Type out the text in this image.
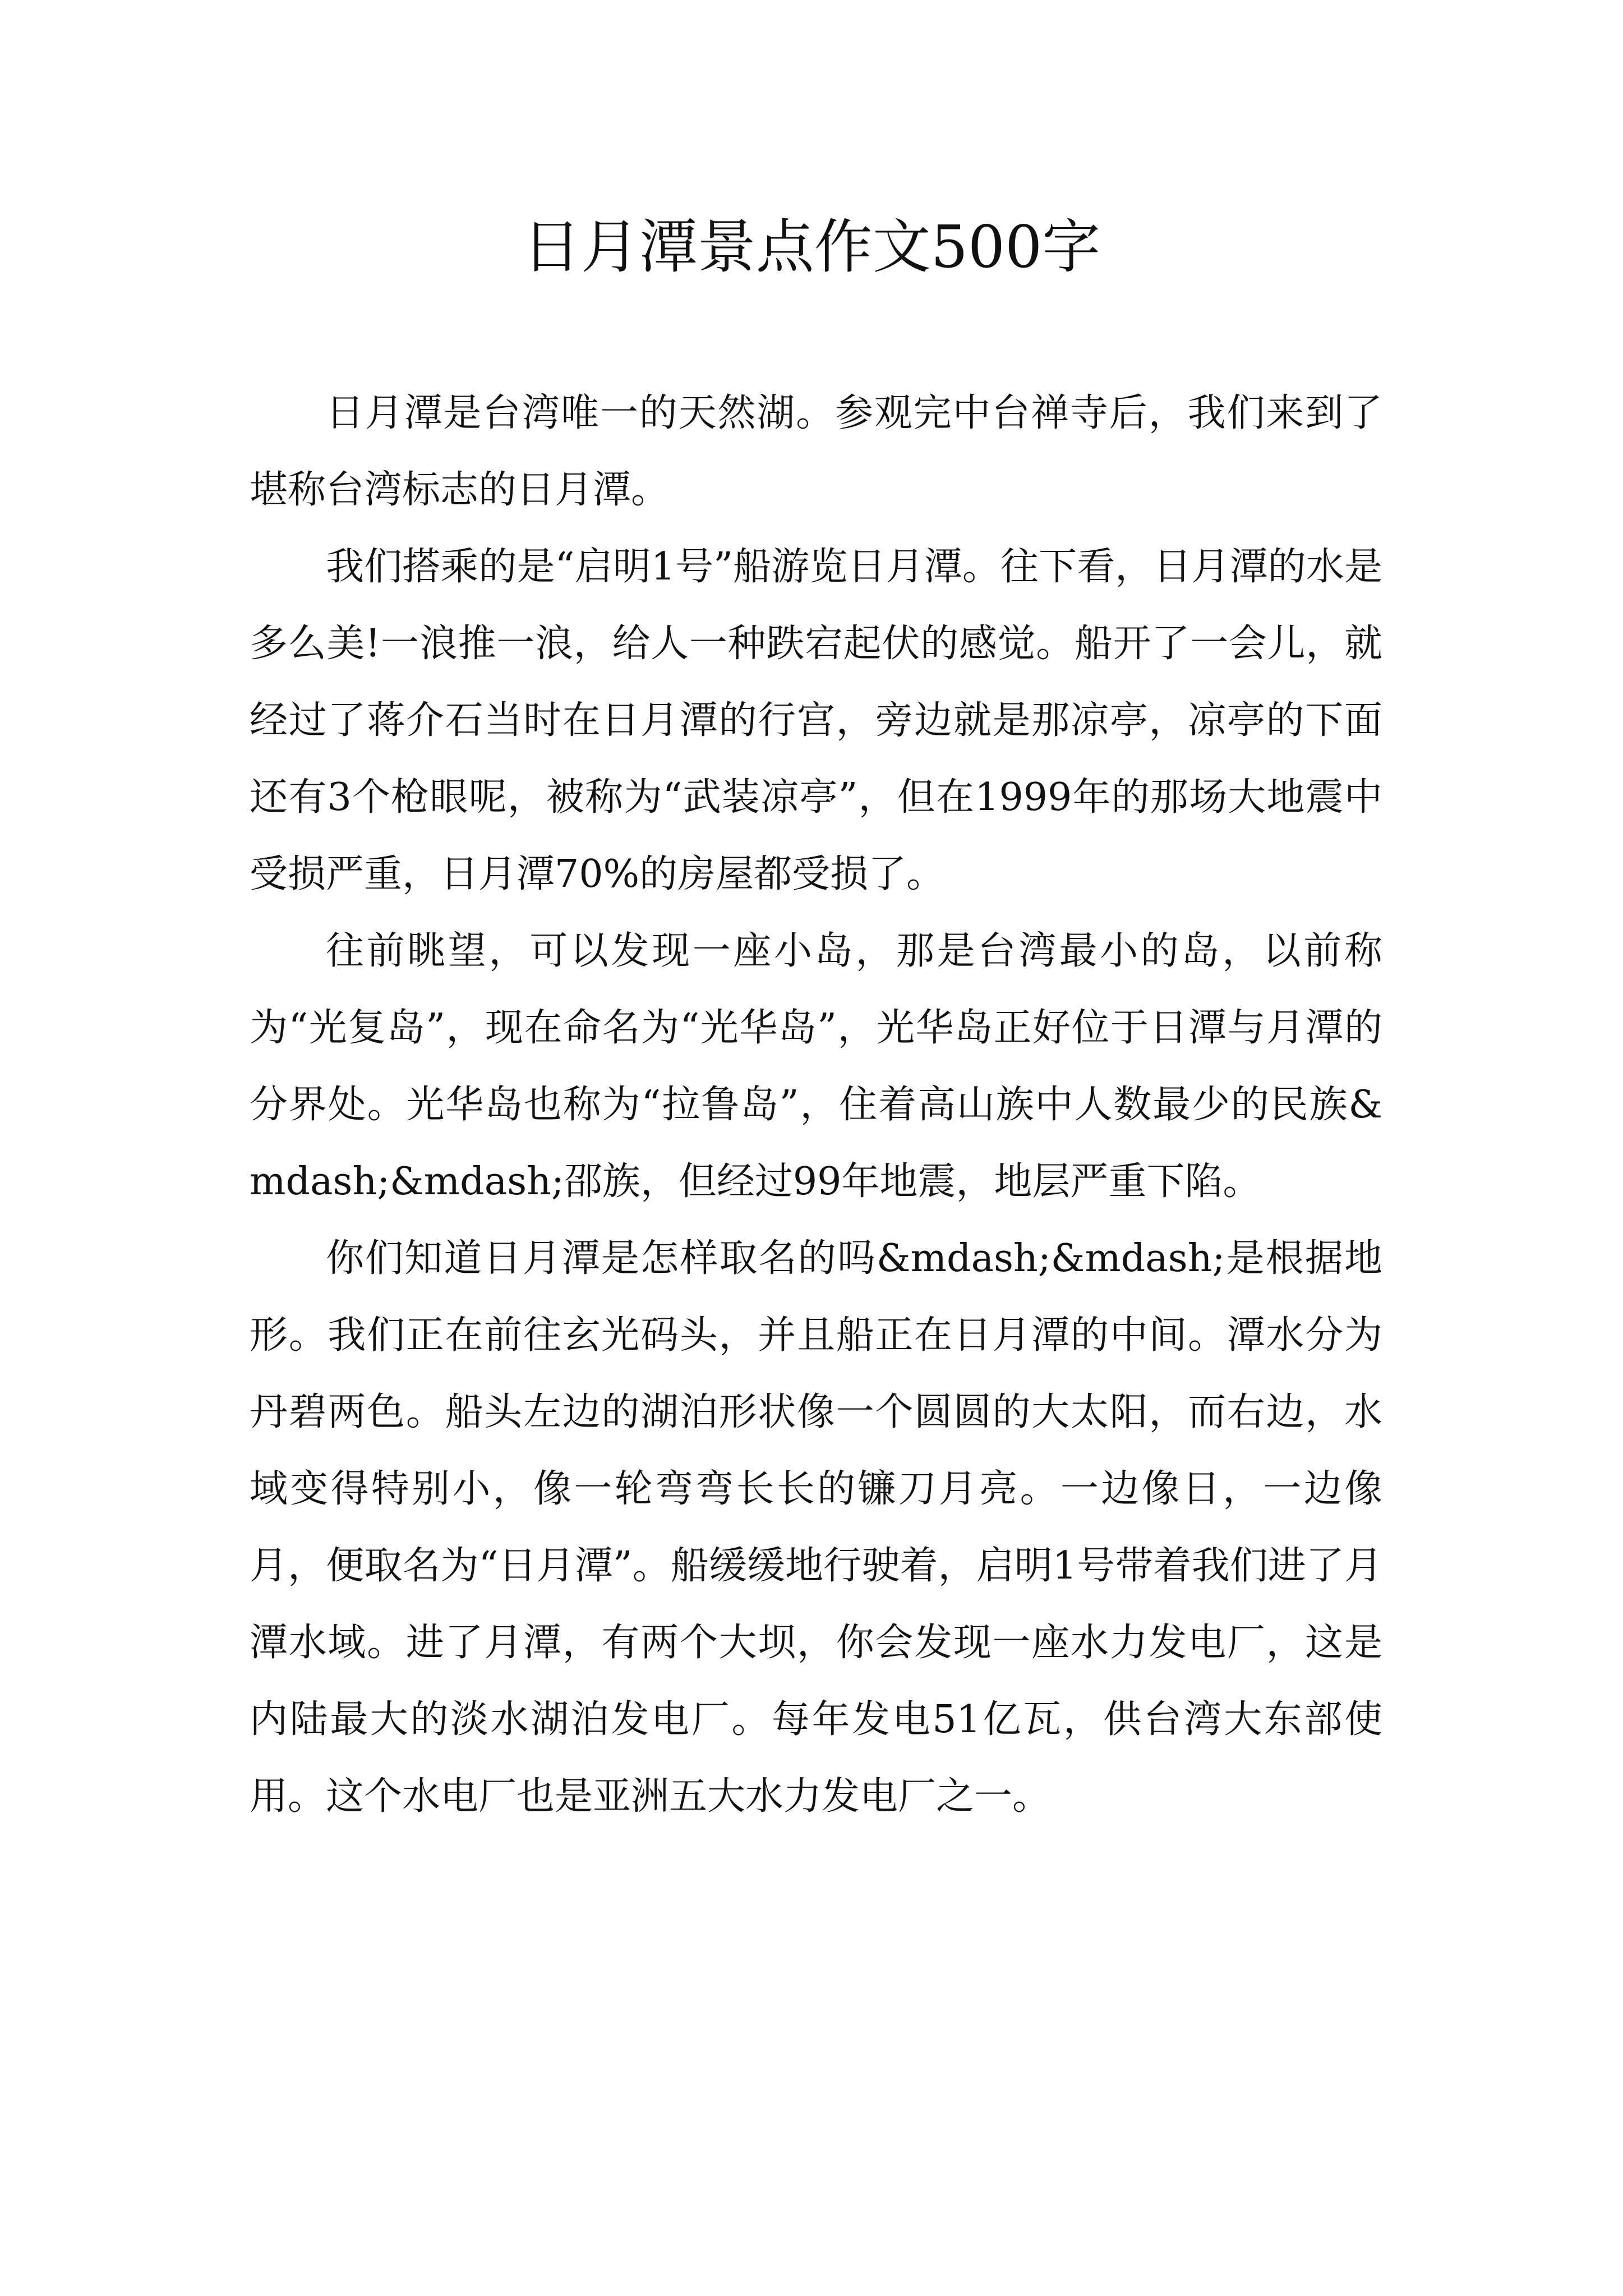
日月潭景点作文500字

日月潭是台湾唯一的天然湖。参观完中台禅寺后，我们来到了堪称台湾标志的日月潭。

我们搭乘的是“启明1号”船游览日月潭。往下看，日月潭的水是多么美!一浪推一浪，给人一种跌宕起伏的感觉。船开了一会儿，就经过了蒋介石当时在日月潭的行宫，旁边就是那凉亭，凉亭的下面还有3个枪眼呢，被称为“武装凉亭”，但在1999年的那场大地震中受损严重，日月潭70%的房屋都受损了。

往前眺望，可以发现一座小岛，那是台湾最小的岛，以前称为“光复岛”，现在命名为“光华岛”，光华岛正好位于日潭与月潭的分界处。光华岛也称为“拉鲁岛”，住着高山族中人数最少的民族&mdash;&mdash;邵族，但经过99年地震，地层严重下陷。

你们知道日月潭是怎样取名的吗&mdash;&mdash;是根据地形。我们正在前往玄光码头，并且船正在日月潭的中间。潭水分为丹碧两色。船头左边的湖泊形状像一个圆圆的大太阳，而右边，水域变得特别小，像一轮弯弯长长的镰刀月亮。一边像日，一边像月，便取名为“日月潭”。船缓缓地行驶着，启明1号带着我们进了月潭水域。进了月潭，有两个大坝，你会发现一座水力发电厂，这是内陆最大的淡水湖泊发电厂。每年发电51亿瓦，供台湾大东部使用。这个水电厂也是亚洲五大水力发电厂之一。
